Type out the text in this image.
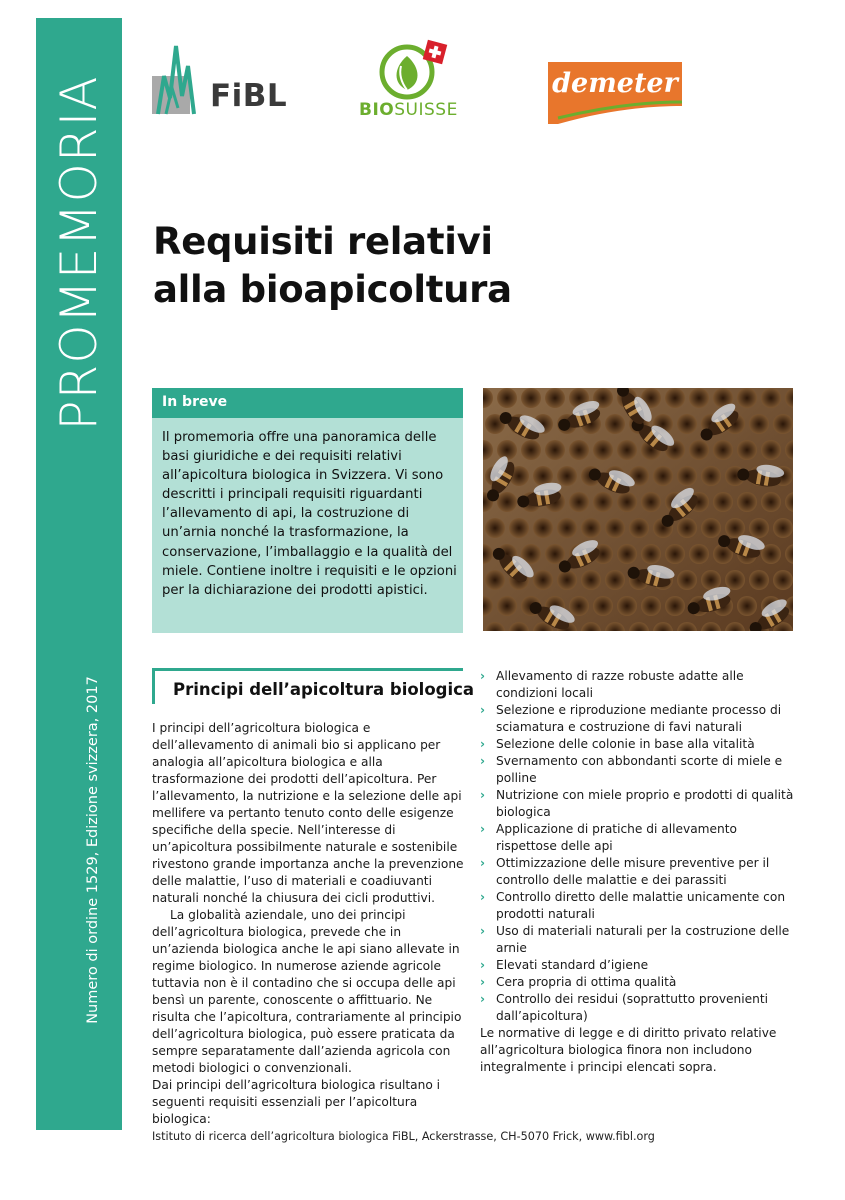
PROMEMORIA
Numero di ordine 1529, Edizione svizzera, 2017
FiBL	BIOSUISSE
demeter
Requisiti relativi
alla bioapicoltura
In breve
Il promemoria offre una panoramica delle basi giuridiche e dei requisiti relativi all’apicoltura biologica in Svizzera. Vi sono descritti i principali requisiti riguardanti l’allevamento di api, la costruzione di un’arnia nonché la trasformazione, la conservazione, l’imballaggio e la qualità del miele. Contiene inoltre i requisiti e le opzioni per la dichiarazione dei prodotti apistici.
Principi dell’apicoltura biologica

I principi dell’agricoltura biologica e dell’allevamento di animali bio si applicano per analogia all’apicoltura biologica e alla trasformazione dei prodotti dell’apicoltura. Per l’allevamento, la nutrizione e la selezione delle api mellifere va pertanto tenuto conto delle esigenze specifiche della specie. Nell’interesse di un’apicoltura possibilmente naturale e sostenibile rivestono grande importanza anche la prevenzione delle malattie, l’uso di materiali e coadiuvanti naturali nonché la chiusura dei cicli produttivi.

La globalità aziendale, uno dei principi dell’agricoltura biologica, prevede che in un’azienda biologica anche le api siano allevate in regime biologico. In numerose aziende agricole tuttavia non è il contadino che si occupa delle api bensì un parente, conoscente o affittuario. Ne risulta che l’apicoltura, contrariamente al principio dell’agricoltura biologica, può essere praticata da sempre separatamente dall’azienda agricola con metodi biologici o convenzionali.

Dai principi dell’agricoltura biologica risultano i seguenti requisiti essenziali per l’apicoltura biologica:

› Allevamento di razze robuste adatte alle condizioni locali
› Selezione e riproduzione mediante processo di sciamatura e costruzione di favi naturali
› Selezione delle colonie in base alla vitalità
› Svernamento con abbondanti scorte di miele e polline
› Nutrizione con miele proprio e prodotti di qualità biologica
› Applicazione di pratiche di allevamento rispettose delle api
› Ottimizzazione delle misure preventive per il controllo delle malattie e dei parassiti
› Controllo diretto delle malattie unicamente con prodotti naturali
› Uso di materiali naturali per la costruzione delle arnie
› Elevati standard d’igiene
› Cera propria di ottima qualità
› Controllo dei residui (soprattutto provenienti dall’apicoltura)

Le normative di legge e di diritto privato relative all’agricoltura biologica finora non includono integralmente i principi elencati sopra.

Istituto di ricerca dell’agricoltura biologica FiBL, Ackerstrasse, CH-5070 Frick, www.fibl.org
